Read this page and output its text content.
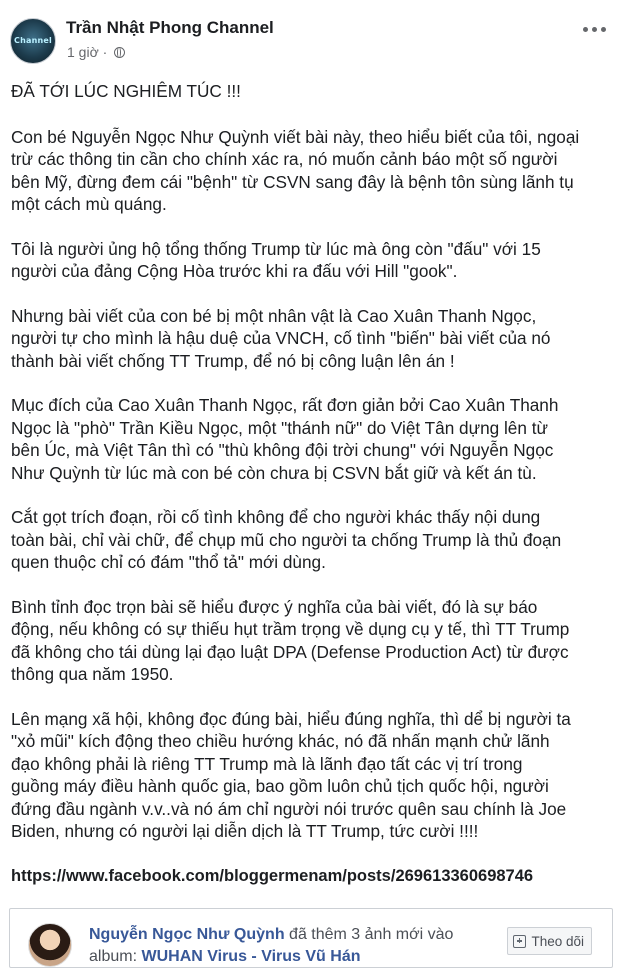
Channel
Trần Nhật Phong Channel
1 giờ ·

ĐÃ TỚI LÚC NGHIÊM TÚC !!!

Con bé Nguyễn Ngọc Như Quỳnh viết bài này, theo hiểu biết của tôi, ngoại
trừ các thông tin cần cho chính xác ra, nó muốn cảnh báo một số người
bên Mỹ, đừng đem cái "bệnh" từ CSVN sang đây là bệnh tôn sùng lãnh tụ
một cách mù quáng.

Tôi là người ủng hộ tổng thống Trump từ lúc mà ông còn "đấu" với 15
người của đảng Cộng Hòa trước khi ra đấu với Hill "gook".

Nhưng bài viết của con bé bị một nhân vật là Cao Xuân Thanh Ngọc,
người tự cho mình là hậu duệ của VNCH, cố tình "biến" bài viết của nó
thành bài viết chống TT Trump, để nó bị công luận lên án !

Mục đích của Cao Xuân Thanh Ngọc, rất đơn giản bởi Cao Xuân Thanh
Ngọc là "phò" Trần Kiều Ngọc, một "thánh nữ" do Việt Tân dựng lên từ
bên Úc, mà Việt Tân thì có "thù không đội trời chung" với Nguyễn Ngọc
Như Quỳnh từ lúc mà con bé còn chưa bị CSVN bắt giữ và kết án tù.

Cắt gọt trích đoạn, rồi cố tình không để cho người khác thấy nội dung
toàn bài, chỉ vài chữ, để chụp mũ cho người ta chống Trump là thủ đoạn
quen thuộc chỉ có đám "thổ tả" mới dùng.

Bình tỉnh đọc trọn bài sẽ hiểu được ý nghĩa của bài viết, đó là sự báo
động, nếu không có sự thiếu hụt trầm trọng về dụng cụ y tế, thì TT Trump
đã không cho tái dùng lại đạo luật DPA (Defense Production Act) từ được
thông qua năm 1950.

Lên mạng xã hội, không đọc đúng bài, hiểu đúng nghĩa, thì dể bị người ta
"xỏ mũi" kích động theo chiều hướng khác, nó đã nhấn mạnh chử lãnh
đạo không phải là riêng TT Trump mà là lãnh đạo tất các vị trí trong
guồng máy điều hành quốc gia, bao gồm luôn chủ tịch quốc hội, người
đứng đầu ngành v.v..và nó ám chỉ người nói trước quên sau chính là Joe
Biden, nhưng có người lại diễn dịch là TT Trump, tức cười !!!!

https://www.facebook.com/bloggermenam/posts/269613360698746

Nguyễn Ngọc Như Quỳnh đã thêm 3 ảnh mới vào
album: WUHAN Virus - Virus Vũ Hán
Theo dõi
